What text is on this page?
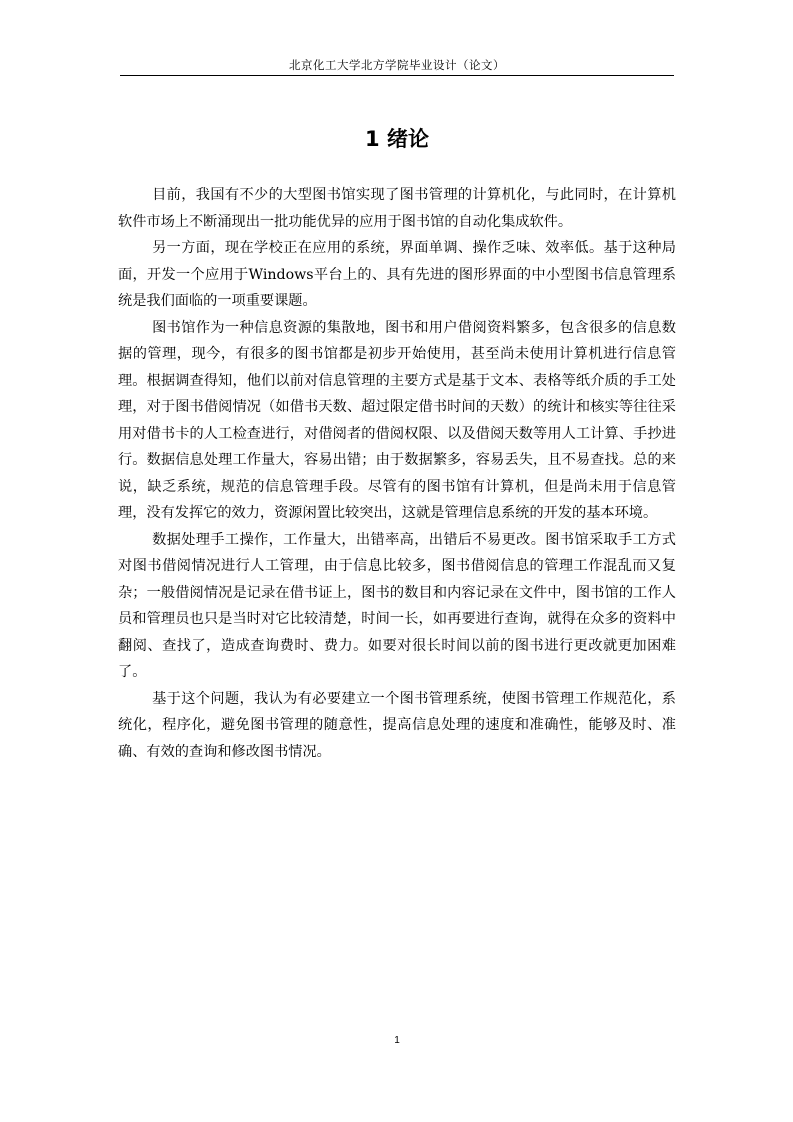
北京化工大学北方学院毕业设计（论文）
1 绪论

目前，我国有不少的大型图书馆实现了图书管理的计算机化，与此同时，在计算机软件市场上不断涌现出一批功能优异的应用于图书馆的自动化集成软件。

另一方面，现在学校正在应用的系统，界面单调、操作乏味、效率低。基于这种局面，开发一个应用于Windows平台上的、具有先进的图形界面的中小型图书信息管理系统是我们面临的一项重要课题。

图书馆作为一种信息资源的集散地，图书和用户借阅资料繁多，包含很多的信息数据的管理，现今，有很多的图书馆都是初步开始使用，甚至尚未使用计算机进行信息管理。根据调查得知，他们以前对信息管理的主要方式是基于文本、表格等纸介质的手工处理，对于图书借阅情况（如借书天数、超过限定借书时间的天数）的统计和核实等往往采用对借书卡的人工检查进行，对借阅者的借阅权限、以及借阅天数等用人工计算、手抄进行。数据信息处理工作量大，容易出错；由于数据繁多，容易丢失，且不易查找。总的来说，缺乏系统，规范的信息管理手段。尽管有的图书馆有计算机，但是尚未用于信息管理，没有发挥它的效力，资源闲置比较突出，这就是管理信息系统的开发的基本环境。

数据处理手工操作，工作量大，出错率高，出错后不易更改。图书馆采取手工方式对图书借阅情况进行人工管理，由于信息比较多，图书借阅信息的管理工作混乱而又复杂；一般借阅情况是记录在借书证上，图书的数目和内容记录在文件中，图书馆的工作人员和管理员也只是当时对它比较清楚，时间一长，如再要进行查询，就得在众多的资料中翻阅、查找了，造成查询费时、费力。如要对很长时间以前的图书进行更改就更加困难了。

基于这个问题，我认为有必要建立一个图书管理系统，使图书管理工作规范化，系统化，程序化，避免图书管理的随意性，提高信息处理的速度和准确性，能够及时、准确、有效的查询和修改图书情况。

1
